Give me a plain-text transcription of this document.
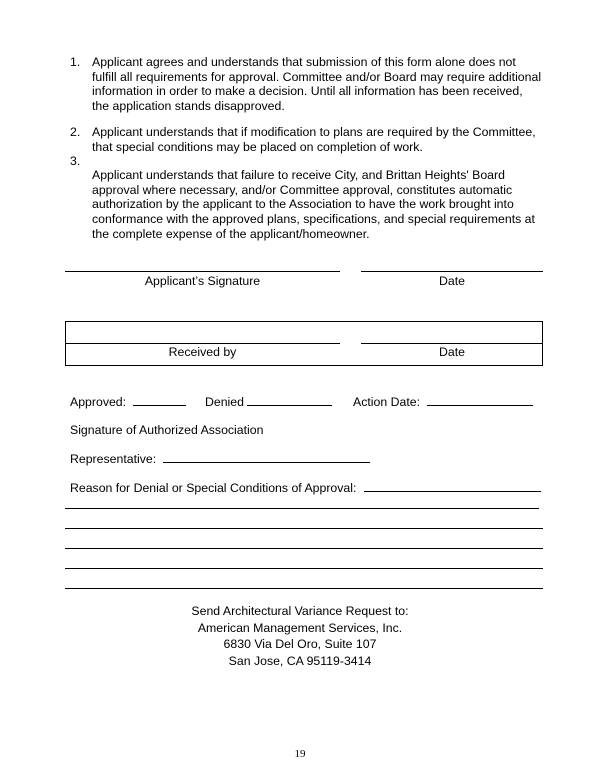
1. Applicant agrees and understands that submission of this form alone does not fulfill all requirements for approval. Committee and/or Board may require additional information in order to make a decision. Until all information has been received, the application stands disapproved.
2. Applicant understands that if modification to plans are required by the Committee, that special conditions may be placed on completion of work.
3.
Applicant understands that failure to receive City, and Brittan Heights' Board approval where necessary, and/or Committee approval, constitutes automatic authorization by the applicant to the Association to have the work brought into conformance with the approved plans, specifications, and special requirements at the complete expense of the applicant/homeowner.
Applicant’s Signature	Date
Received by	Date
Approved:	Denied	Action Date:
Signature of Authorized Association
Representative:
Reason for Denial or Special Conditions of Approval:
Send Architectural Variance Request to:
American Management Services, Inc.
6830 Via Del Oro, Suite 107
San Jose, CA 95119-3414
19
